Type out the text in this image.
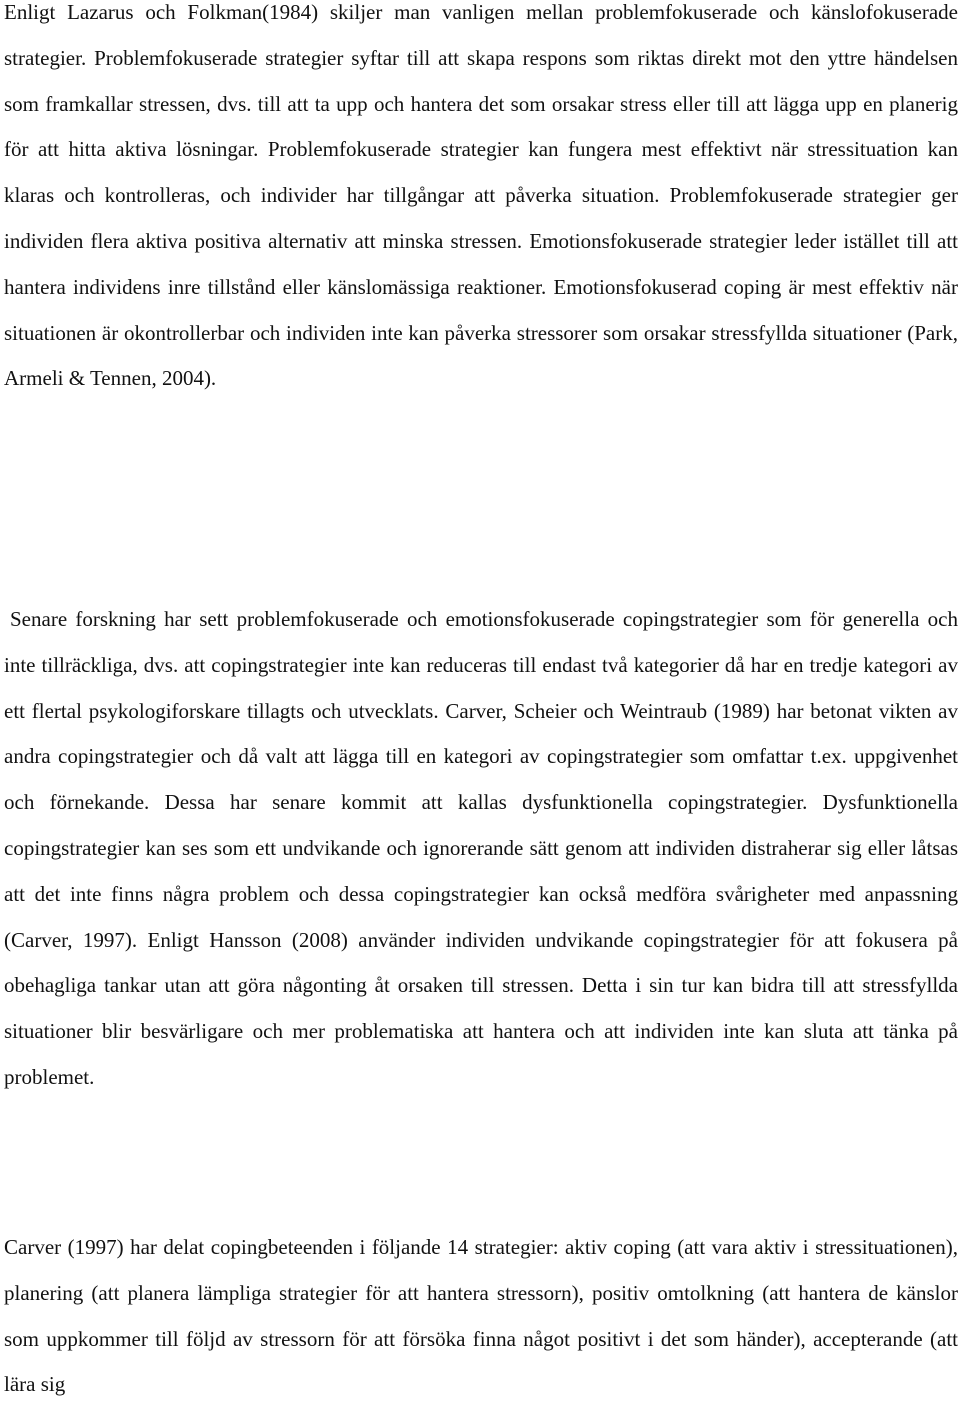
Enligt Lazarus och Folkman(1984) skiljer man vanligen mellan problemfokuserade och känslofokuserade strategier. Problemfokuserade strategier syftar till att skapa respons som riktas direkt mot den yttre händelsen som framkallar stressen, dvs. till att ta upp och hantera det som orsakar stress eller till att lägga upp en planerig för att hitta aktiva lösningar. Problemfokuserade strategier kan fungera mest effektivt när stressituation kan klaras och kontrolleras, och individer har tillgångar att påverka situation. Problemfokuserade strategier ger individen flera aktiva positiva alternativ att minska stressen. Emotionsfokuserade strategier leder istället till att hantera individens inre tillstånd eller känslomässiga reaktioner. Emotionsfokuserad coping är mest effektiv när situationen är okontrollerbar och individen inte kan påverka stressorer som orsakar stressfyllda situationer (Park, Armeli & Tennen, 2004).

Senare forskning har sett problemfokuserade och emotionsfokuserade copingstrategier som för generella och inte tillräckliga, dvs. att copingstrategier inte kan reduceras till endast två kategorier då har en tredje kategori av ett flertal psykologiforskare tillagts och utvecklats. Carver, Scheier och Weintraub (1989) har betonat vikten av andra copingstrategier och då valt att lägga till en kategori av copingstrategier som omfattar t.ex. uppgivenhet och förnekande. Dessa har senare kommit att kallas dysfunktionella copingstrategier. Dysfunktionella copingstrategier kan ses som ett undvikande och ignorerande sätt genom att individen distraherar sig eller låtsas att det inte finns några problem och dessa copingstrategier kan också medföra svårigheter med anpassning (Carver, 1997). Enligt Hansson (2008) använder individen undvikande copingstrategier för att fokusera på obehagliga tankar utan att göra någonting åt orsaken till stressen. Detta i sin tur kan bidra till att stressfyllda situationer blir besvärligare och mer problematiska att hantera och att individen inte kan sluta att tänka på problemet.

Carver (1997) har delat copingbeteenden i följande 14 strategier: aktiv coping (att vara aktiv i stressituationen), planering (att planera lämpliga strategier för att hantera stressorn), positiv omtolkning (att hantera de känslor som uppkommer till följd av stressorn för att försöka finna något positivt i det som händer), accepterande (att lära sig
